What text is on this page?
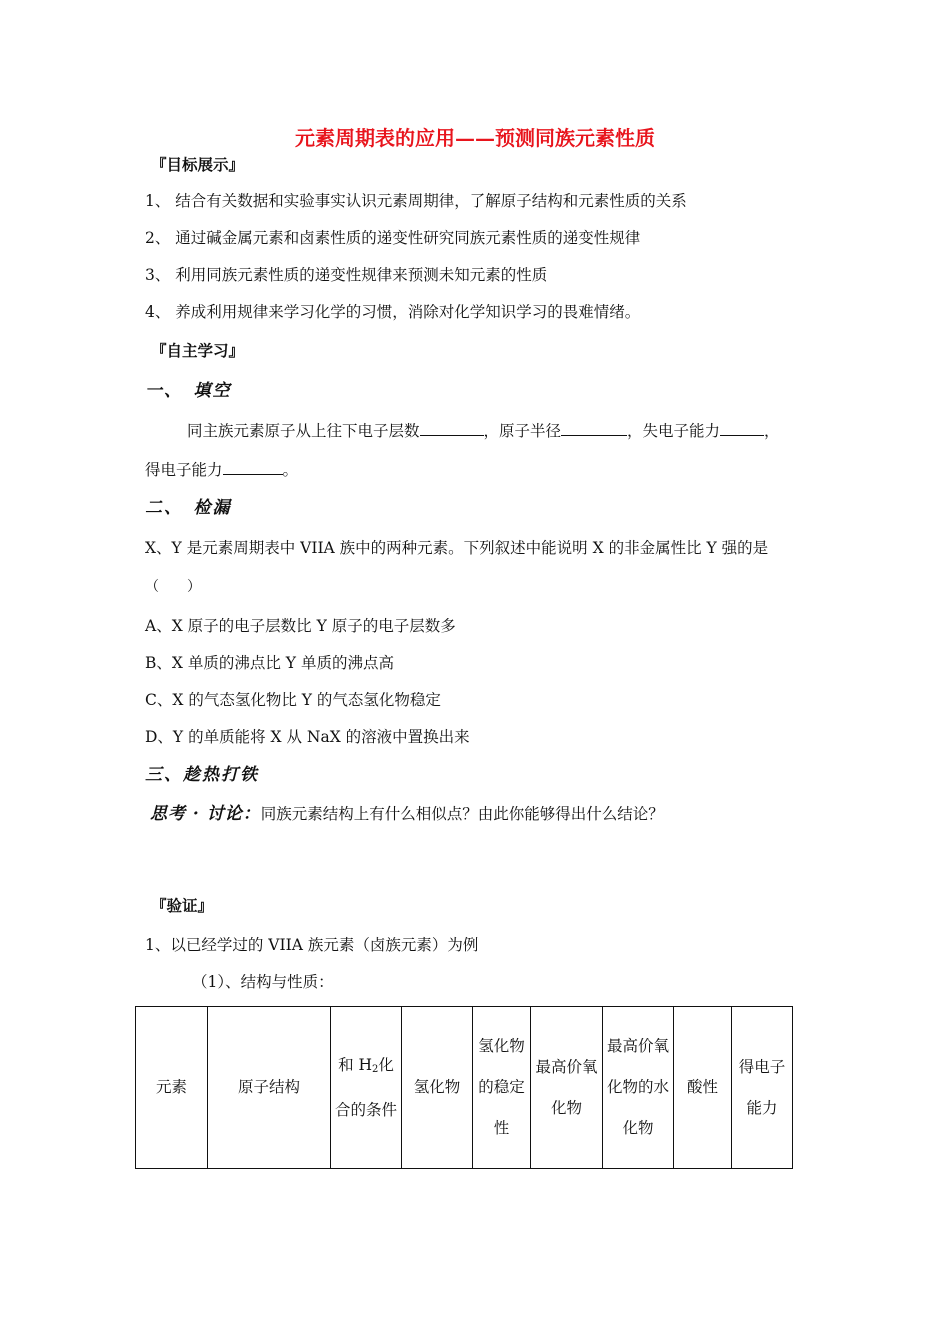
元素周期表的应用——预测同族元素性质
『目标展示』
1、 结合有关数据和实验事实认识元素周期律，了解原子结构和元素性质的关系
2、 通过碱金属元素和卤素性质的递变性研究同族元素性质的递变性规律
3、 利用同族元素性质的递变性规律来预测未知元素的性质
4、 养成利用规律来学习化学的习惯，消除对化学知识学习的畏难情绪。
『自主学习』
一、　填空
同主族元素原子从上往下电子层数	，原子半径	，失电子能力	，
得电子能力	。
二、　检漏
X、Y 是元素周期表中 VIIA 族中的两种元素。下列叙述中能说明 X 的非金属性比 Y 强的是
（　　）
A、X 原子的电子层数比 Y 原子的电子层数多
B、X 单质的沸点比 Y 单质的沸点高
C、X 的气态氢化物比 Y 的气态氢化物稳定
D、Y 的单质能将 X 从 NaX 的溶液中置换出来
三、趁热打铁
思考 · 讨论：同族元素结构上有什么相似点？由此你能够得出什么结论？
『验证』
1、以已经学过的 VIIA 族元素（卤族元素）为例
（1）、结构与性质：
元素	原子结构	和 $H_2$化合的条件	氢化物	氢化物的稳定性	最高价氧化物	最高价氧化物的水化物	酸性	得电子能力
